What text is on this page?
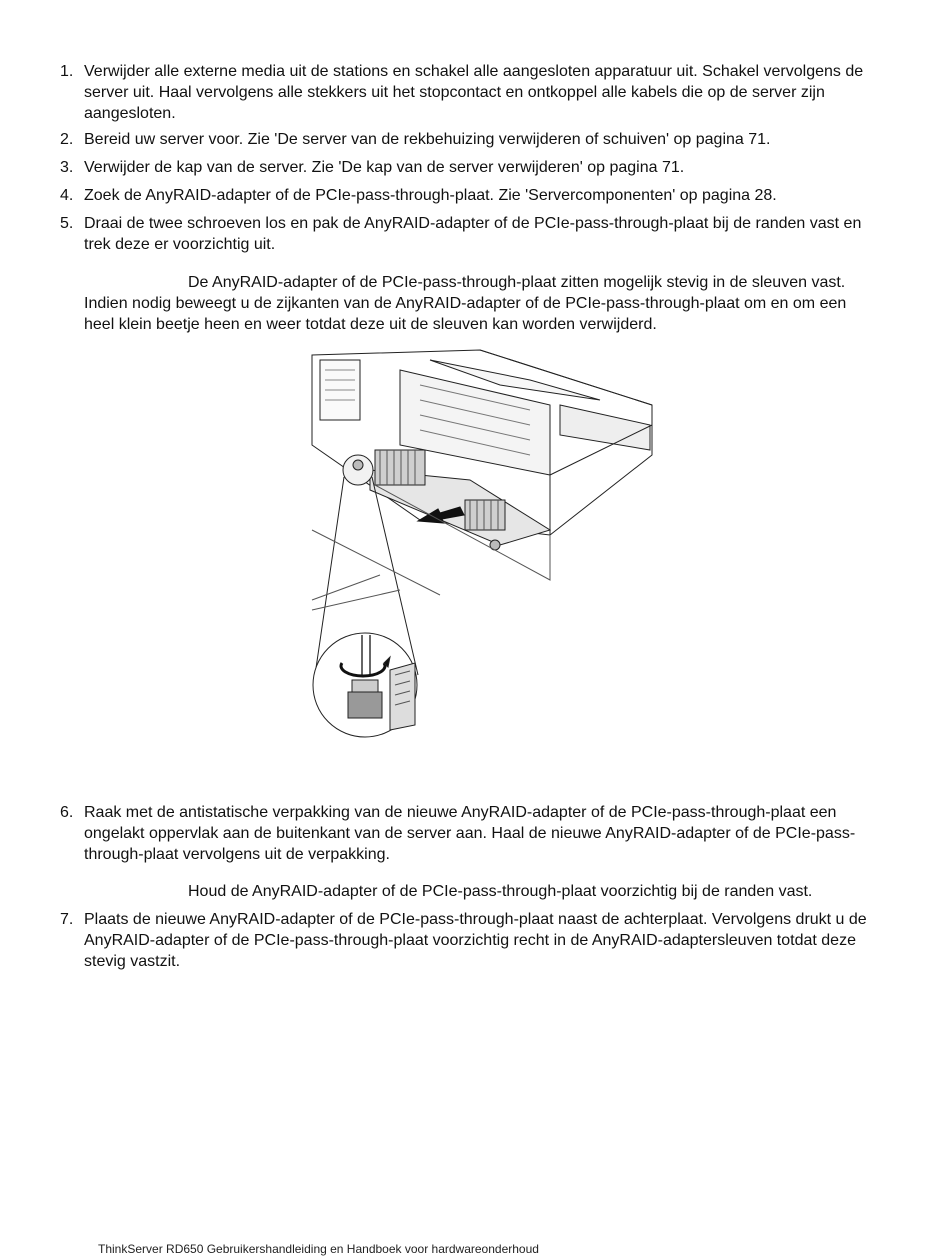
1. Verwijder alle externe media uit de stations en schakel alle aangesloten apparatuur uit. Schakel vervolgens de server uit. Haal vervolgens alle stekkers uit het stopcontact en ontkoppel alle kabels die op de server zijn aangesloten.
2. Bereid uw server voor. Zie 'De server van de rekbehuizing verwijderen of schuiven' op pagina 71.
3. Verwijder de kap van de server. Zie 'De kap van de server verwijderen' op pagina 71.
4. Zoek de AnyRAID-adapter of de PCIe-pass-through-plaat. Zie 'Servercomponenten' op pagina 28.
5. Draai de twee schroeven los en pak de AnyRAID-adapter of de PCIe-pass-through-plaat bij de randen vast en trek deze er voorzichtig uit.
De AnyRAID-adapter of de PCIe-pass-through-plaat zitten mogelijk stevig in de sleuven vast. Indien nodig beweegt u de zijkanten van de AnyRAID-adapter of de PCIe-pass-through-plaat om en om een heel klein beetje heen en weer totdat deze uit de sleuven kan worden verwijderd.
6. Raak met de antistatische verpakking van de nieuwe AnyRAID-adapter of de PCIe-pass-through-plaat een ongelakt oppervlak aan de buitenkant van de server aan. Haal de nieuwe AnyRAID-adapter of de PCIe-pass-through-plaat vervolgens uit de verpakking.
Houd de AnyRAID-adapter of de PCIe-pass-through-plaat voorzichtig bij de randen vast.
7. Plaats de nieuwe AnyRAID-adapter of de PCIe-pass-through-plaat naast de achterplaat. Vervolgens drukt u de AnyRAID-adapter of de PCIe-pass-through-plaat voorzichtig recht in de AnyRAID-adaptersleuven totdat deze stevig vastzit.
ThinkServer RD650 Gebruikershandleiding en Handboek voor hardwareonderhoud
